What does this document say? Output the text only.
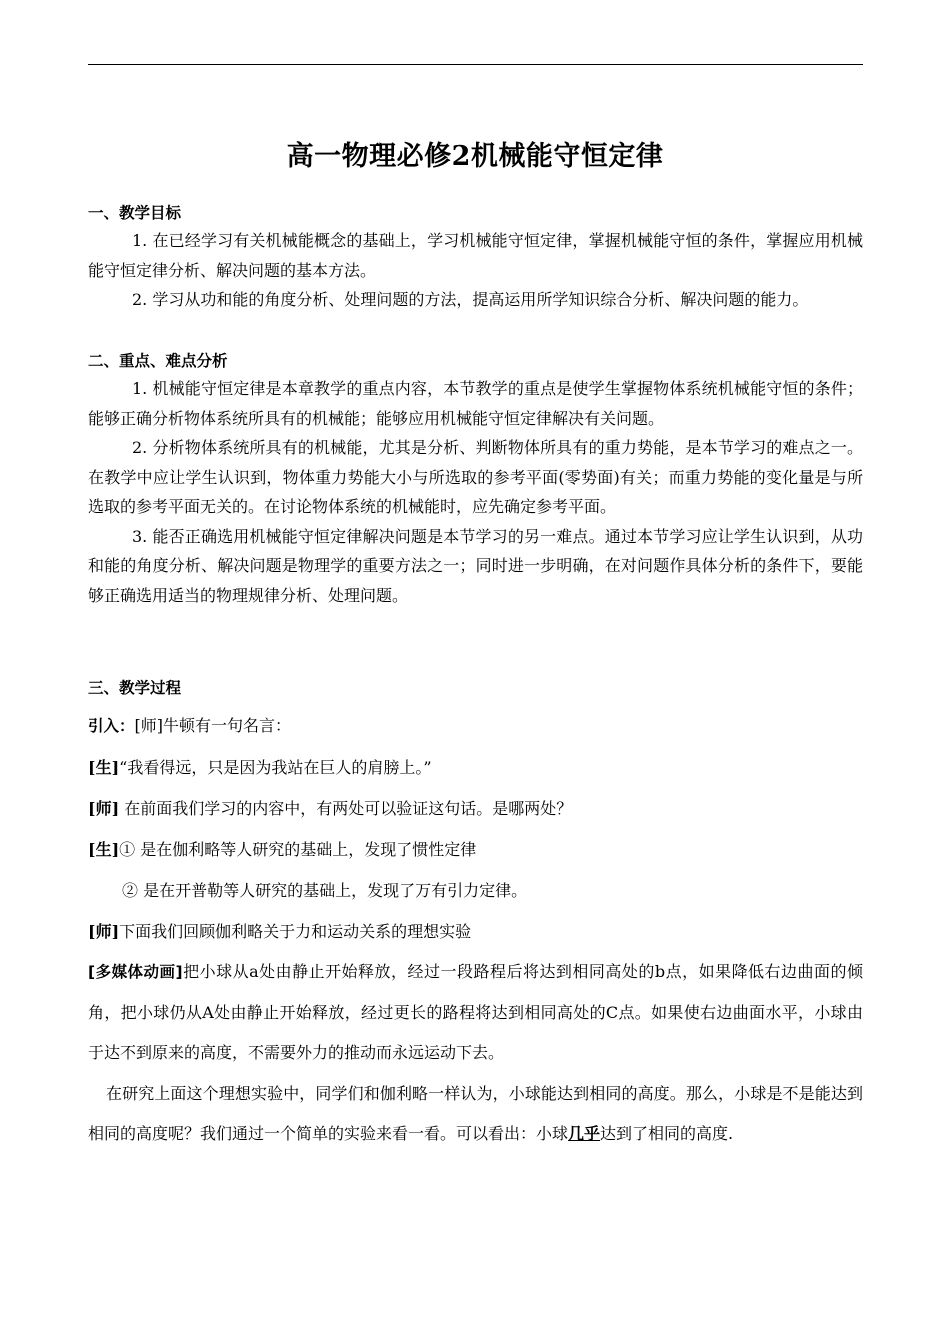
高一物理必修2机械能守恒定律
一、教学目标
1. 在已经学习有关机械能概念的基础上，学习机械能守恒定律，掌握机械能守恒的条件，掌握应用机械能守恒定律分析、解决问题的基本方法。
2. 学习从功和能的角度分析、处理问题的方法，提高运用所学知识综合分析、解决问题的能力。
二、重点、难点分析
1. 机械能守恒定律是本章教学的重点内容，本节教学的重点是使学生掌握物体系统机械能守恒的条件；能够正确分析物体系统所具有的机械能；能够应用机械能守恒定律解决有关问题。
2. 分析物体系统所具有的机械能，尤其是分析、判断物体所具有的重力势能，是本节学习的难点之一。在教学中应让学生认识到，物体重力势能大小与所选取的参考平面(零势面)有关；而重力势能的变化量是与所选取的参考平面无关的。在讨论物体系统的机械能时，应先确定参考平面。
3. 能否正确选用机械能守恒定律解决问题是本节学习的另一难点。通过本节学习应让学生认识到，从功和能的角度分析、解决问题是物理学的重要方法之一；同时进一步明确，在对问题作具体分析的条件下，要能够正确选用适当的物理规律分析、处理问题。
三、教学过程
引入：[师]牛顿有一句名言：
[生]“我看得远，只是因为我站在巨人的肩膀上。”
[师] 在前面我们学习的内容中，有两处可以验证这句话。是哪两处？
[生]① 是在伽利略等人研究的基础上，发现了惯性定律
② 是在开普勒等人研究的基础上，发现了万有引力定律。
[师]下面我们回顾伽利略关于力和运动关系的理想实验
[多媒体动画]把小球从a处由静止开始释放，经过一段路程后将达到相同高处的b点，如果降低右边曲面的倾角，把小球仍从A处由静止开始释放，经过更长的路程将达到相同高处的C点。如果使右边曲面水平，小球由于达不到原来的高度，不需要外力的推动而永远运动下去。
在研究上面这个理想实验中，同学们和伽利略一样认为，小球能达到相同的高度。那么，小球是不是能达到相同的高度呢？我们通过一个简单的实验来看一看。可以看出：小球几乎达到了相同的高度.
